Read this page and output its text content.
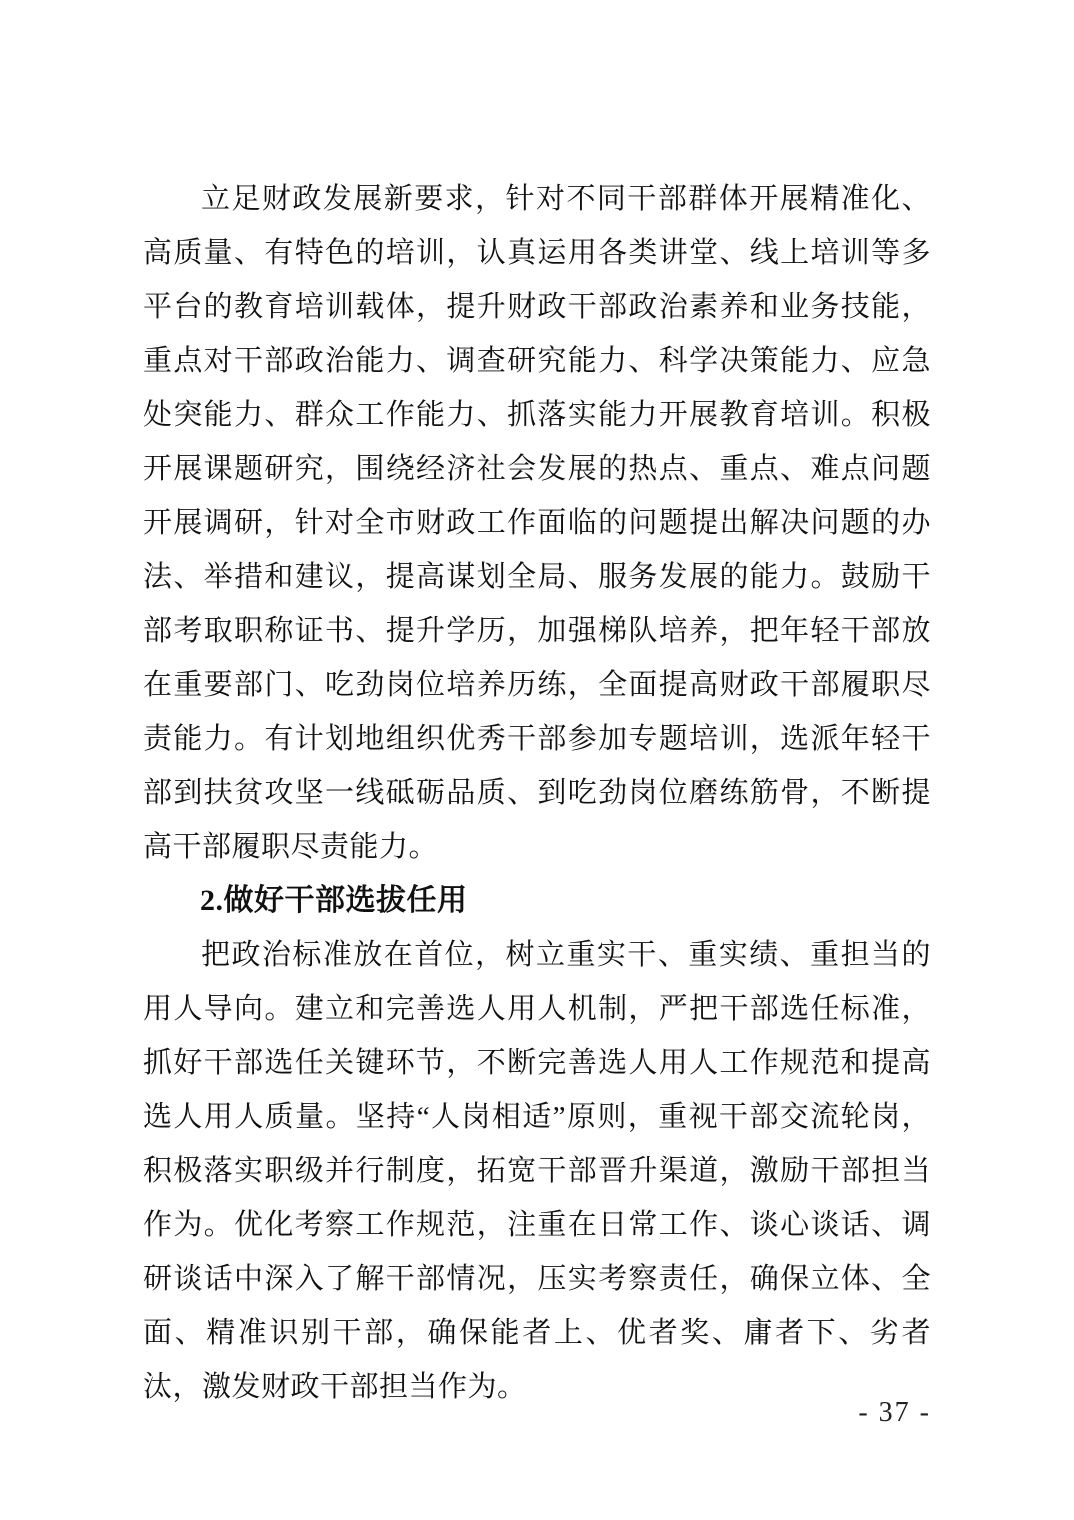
立足财政发展新要求，针对不同干部群体开展精准化、高质量、有特色的培训，认真运用各类讲堂、线上培训等多平台的教育培训载体，提升财政干部政治素养和业务技能，重点对干部政治能力、调查研究能力、科学决策能力、应急处突能力、群众工作能力、抓落实能力开展教育培训。积极开展课题研究，围绕经济社会发展的热点、重点、难点问题开展调研，针对全市财政工作面临的问题提出解决问题的办法、举措和建议，提高谋划全局、服务发展的能力。鼓励干部考取职称证书、提升学历，加强梯队培养，把年轻干部放在重要部门、吃劲岗位培养历练，全面提高财政干部履职尽责能力。有计划地组织优秀干部参加专题培训，选派年轻干部到扶贫攻坚一线砥砺品质、到吃劲岗位磨练筋骨，不断提高干部履职尽责能力。

2.做好干部选拔任用

把政治标准放在首位，树立重实干、重实绩、重担当的用人导向。建立和完善选人用人机制，严把干部选任标准，抓好干部选任关键环节，不断完善选人用人工作规范和提高选人用人质量。坚持“人岗相适”原则，重视干部交流轮岗，积极落实职级并行制度，拓宽干部晋升渠道，激励干部担当作为。优化考察工作规范，注重在日常工作、谈心谈话、调研谈话中深入了解干部情况，压实考察责任，确保立体、全面、精准识别干部，确保能者上、优者奖、庸者下、劣者汰，激发财政干部担当作为。

- 37 -
